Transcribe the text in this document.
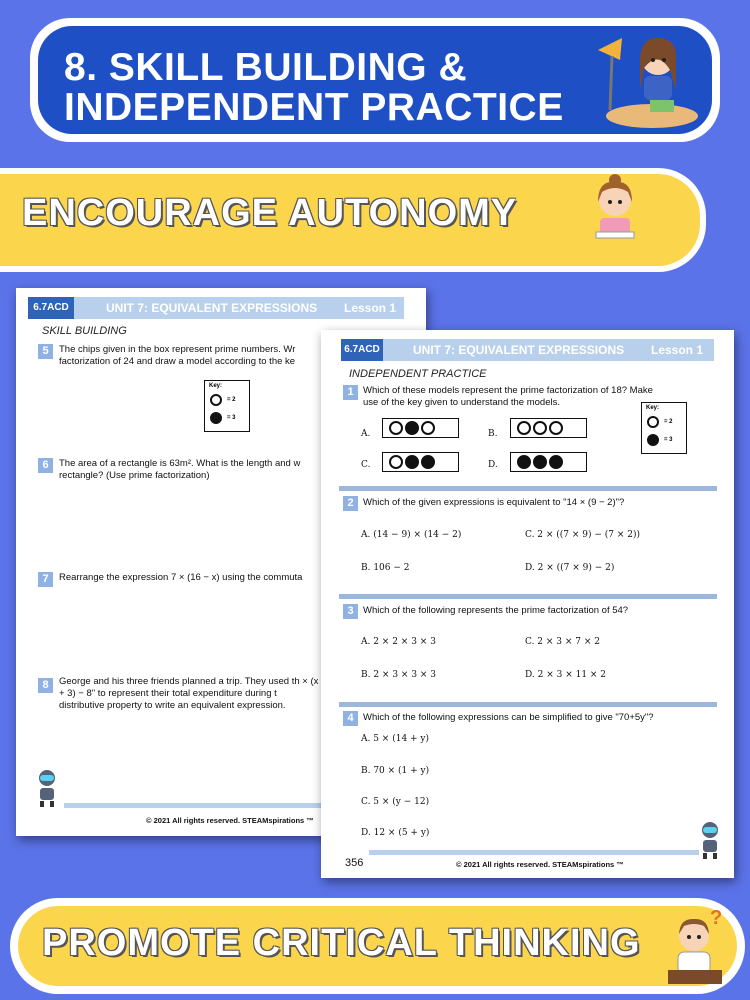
8. SKILL BUILDING & INDEPENDENT PRACTICE
ENCOURAGE AUTONOMY
6.7ACD	UNIT 7: EQUIVALENT EXPRESSIONS Lesson 1
SKILL BUILDING
5	The chips given in the box represent prime numbers. Wr factorization of 24 and draw a model according to the ke
Key:
= 2
= 3
6	The area of a rectangle is 63m². What is the length and w rectangle? (Use prime factorization)
7	Rearrange the expression 7 × (16 − x) using the commuta
8	George and his three friends planned a trip. They used th × (x + 3) − 8" to represent their total expenditure during t distributive property to write an equivalent expression.
© 2021 All rights reserved. STEAMspirations ™
6.7ACD	UNIT 7: EQUIVALENT EXPRESSIONS Lesson 1
INDEPENDENT PRACTICE
1 Which of these models represent the prime factorization of 18? Make use of the key given to understand the models.
A.	B.
C.	D.
Key:
= 2
= 3
2 Which of the given expressions is equivalent to "14 × (9 − 2)"?
A. (14 − 9) × (14 − 2)	C. 2 × ((7 × 9) − (7 × 2))
B. 106 − 2	D. 2 × ((7 × 9) − 2)
3 Which of the following represents the prime factorization of 54?
A. 2 × 2 × 3 × 3	C. 2 × 3 × 7 × 2
B. 2 × 3 × 3 × 3	D. 2 × 3 × 11 × 2
4 Which of the following expressions can be simplified to give "70+5y"?
A. 5 × (14 + y)
B. 70 × (1 + y)
C. 5 × (y − 12)
D. 12 × (5 + y)
356	© 2021 All rights reserved. STEAMspirations ™
PROMOTE CRITICAL THINKING
?
